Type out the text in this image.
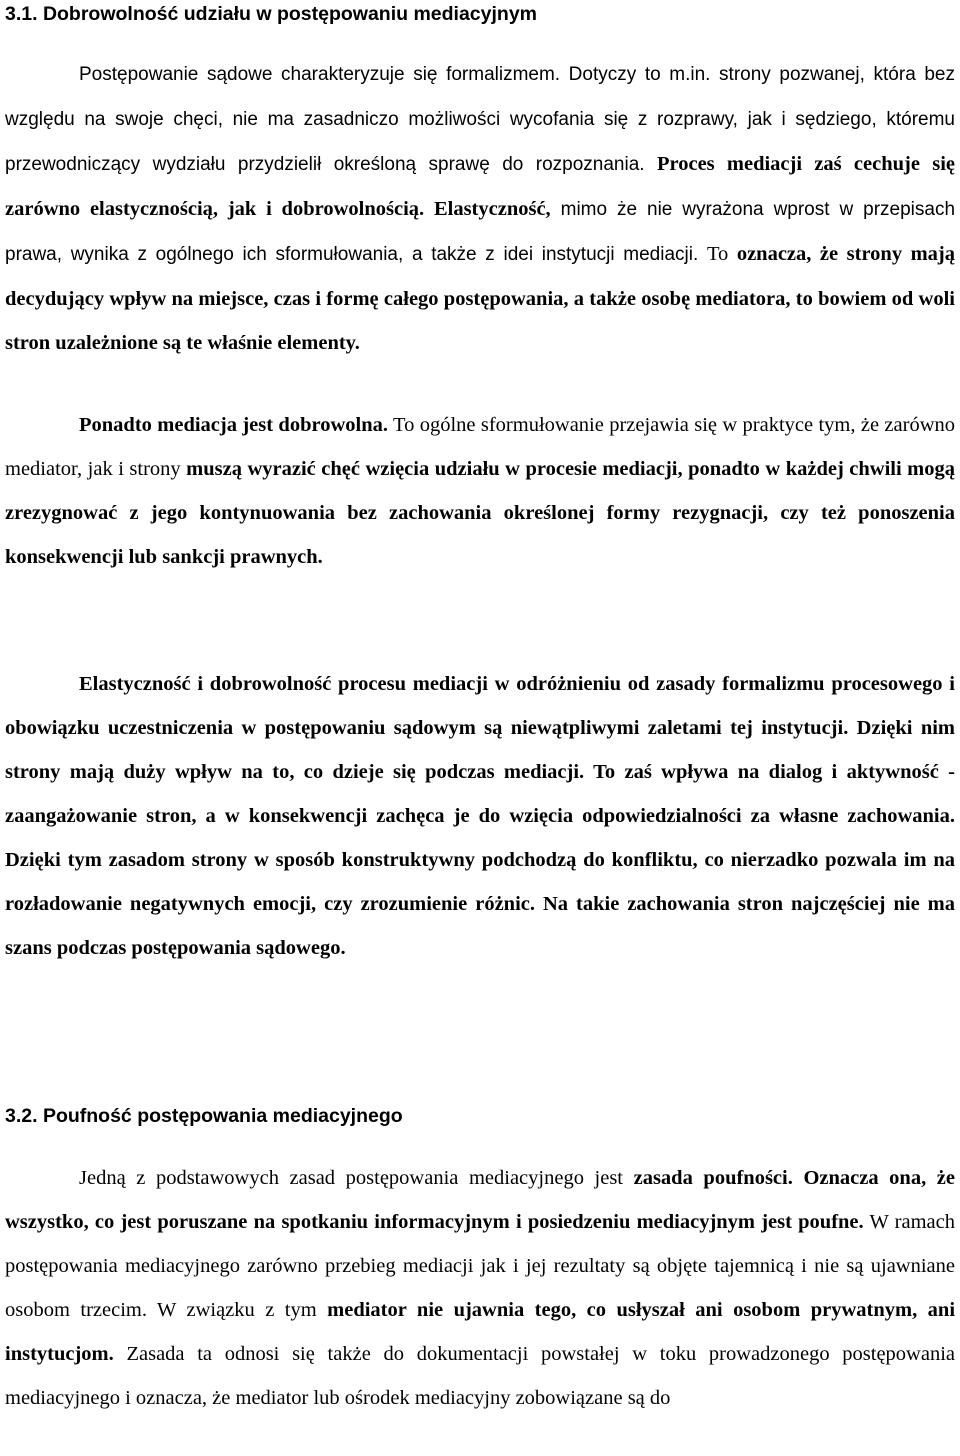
3.1. Dobrowolność udziału w postępowaniu mediacyjnym

Postępowanie sądowe charakteryzuje się formalizmem. Dotyczy to m.in. strony pozwanej, która bez względu na swoje chęci, nie ma zasadniczo możliwości wycofania się z rozprawy, jak i sędziego, któremu przewodniczący wydziału przydzielił określoną sprawę do rozpoznania. Proces mediacji zaś cechuje się zarówno elastycznością, jak i dobrowolnością. Elastyczność, mimo że nie wyrażona wprost w przepisach prawa, wynika z ogólnego ich sformułowania, a także z idei instytucji mediacji. To oznacza, że strony mają decydujący wpływ na miejsce, czas i formę całego postępowania, a także osobę mediatora, to bowiem od woli stron uzależnione są te właśnie elementy.

Ponadto mediacja jest dobrowolna. To ogólne sformułowanie przejawia się w praktyce tym, że zarówno mediator, jak i strony muszą wyrazić chęć wzięcia udziału w procesie mediacji, ponadto w każdej chwili mogą zrezygnować z jego kontynuowania bez zachowania określonej formy rezygnacji, czy też ponoszenia konsekwencji lub sankcji prawnych.

Elastyczność i dobrowolność procesu mediacji w odróżnieniu od zasady formalizmu procesowego i obowiązku uczestniczenia w postępowaniu sądowym są niewątpliwymi zaletami tej instytucji. Dzięki nim strony mają duży wpływ na to, co dzieje się podczas mediacji. To zaś wpływa na dialog i aktywność - zaangażowanie stron, a w konsekwencji zachęca je do wzięcia odpowiedzialności za własne zachowania. Dzięki tym zasadom strony w sposób konstruktywny podchodzą do konfliktu, co nierzadko pozwala im na rozładowanie negatywnych emocji, czy zrozumienie różnic. Na takie zachowania stron najczęściej nie ma szans podczas postępowania sądowego.

3.2. Poufność postępowania mediacyjnego

Jedną z podstawowych zasad postępowania mediacyjnego jest zasada poufności. Oznacza ona, że wszystko, co jest poruszane na spotkaniu informacyjnym i posiedzeniu mediacyjnym jest poufne. W ramach postępowania mediacyjnego zarówno przebieg mediacji jak i jej rezultaty są objęte tajemnicą i nie są ujawniane osobom trzecim. W związku z tym mediator nie ujawnia tego, co usłyszał ani osobom prywatnym, ani instytucjom. Zasada ta odnosi się także do dokumentacji powstałej w toku prowadzonego postępowania mediacyjnego i oznacza, że mediator lub ośrodek mediacyjny zobowiązane są do
